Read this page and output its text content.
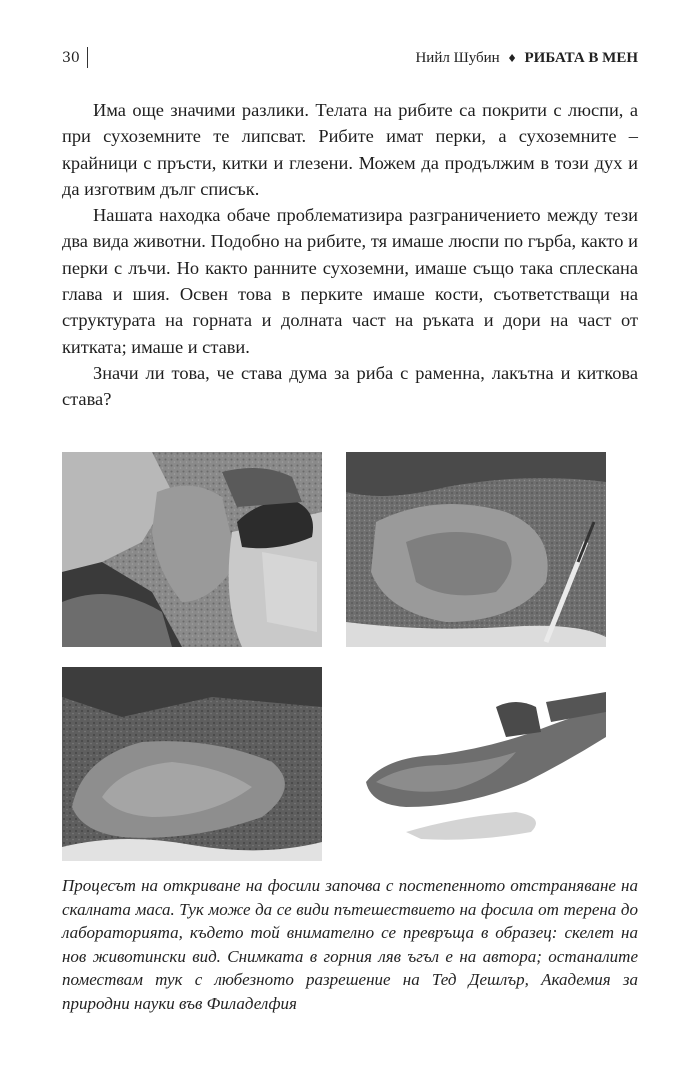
30	Нийл Шубин ♦ РИБАТА В МЕН

Има още значими разлики. Телата на рибите са покрити с люспи, а при сухоземните те липсват. Рибите имат перки, а сухоземните – крайници с пръсти, китки и глезени. Можем да продължим в този дух и да изготвим дълг списък.

Нашата находка обаче проблематизира разграничението между тези два вида животни. Подобно на рибите, тя имаше люспи по гърба, както и перки с лъчи. Но както ранните сухоземни, имаше също така сплескана глава и шия. Освен това в перките имаше кости, съответстващи на структурата на горната и долната част на ръката и дори на част от китката; имаше и стави.

Значи ли това, че става дума за риба с раменна, лакътна и киткова става?

Процесът на откриване на фосили започва с постепенното отстраняване на скалната маса. Тук може да се види пътешествието на фосила от терена до лабораторията, където той внимателно се превръща в образец: скелет на нов животински вид. Снимката в горния ляв ъгъл е на автора; останалите помествам тук с любезното разрешение на Тед Дешлър, Академия за природни науки във Филаделфия
